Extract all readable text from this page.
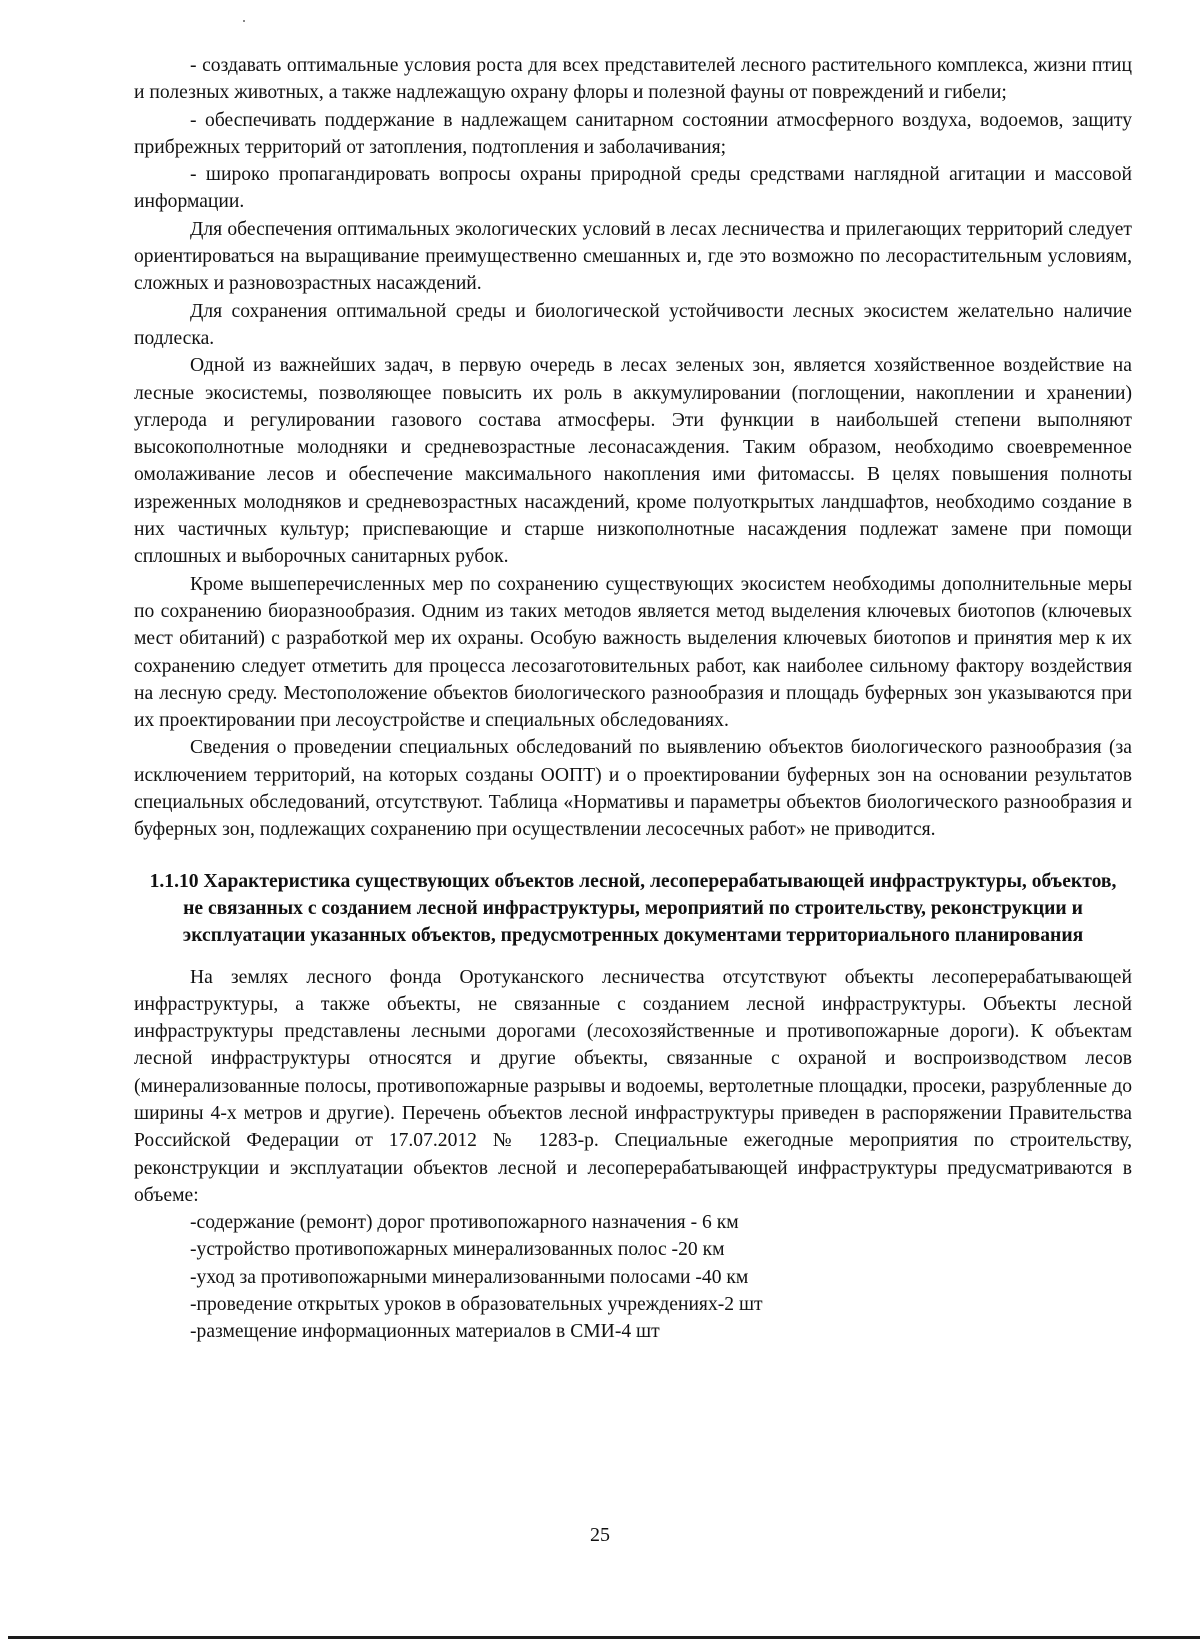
- создавать оптимальные условия роста для всех представителей лесного растительного комплекса, жизни птиц и полезных животных, а также надлежащую охрану флоры и полезной фауны от повреждений и гибели;

- обеспечивать поддержание в надлежащем санитарном состоянии атмосферного воздуха, водоемов, защиту прибрежных территорий от затопления, подтопления и заболачивания;

- широко пропагандировать вопросы охраны природной среды средствами наглядной агитации и массовой информации.

Для обеспечения оптимальных экологических условий в лесах лесничества и прилегающих территорий следует ориентироваться на выращивание преимущественно смешанных и, где это возможно по лесорастительным условиям, сложных и разновозрастных насаждений.

Для сохранения оптимальной среды и биологической устойчивости лесных экосистем желательно наличие подлеска.

Одной из важнейших задач, в первую очередь в лесах зеленых зон, является хозяйственное воздействие на лесные экосистемы, позволяющее повысить их роль в аккумулировании (поглощении, накоплении и хранении) углерода и регулировании газового состава атмосферы. Эти функции в наибольшей степени выполняют высокополнотные молодняки и средневозрастные лесонасаждения. Таким образом, необходимо своевременное омолаживание лесов и обеспечение максимального накопления ими фитомассы. В целях повышения полноты изреженных молодняков и средневозрастных насаждений, кроме полуоткрытых ландшафтов, необходимо создание в них частичных культур; приспевающие и старше низкополнотные насаждения подлежат замене при помощи сплошных и выборочных санитарных рубок.

Кроме вышеперечисленных мер по сохранению существующих экосистем необходимы дополнительные меры по сохранению биоразнообразия. Одним из таких методов является метод выделения ключевых биотопов (ключевых мест обитаний) с разработкой мер их охраны. Особую важность выделения ключевых биотопов и принятия мер к их сохранению следует отметить для процесса лесозаготовительных работ, как наиболее сильному фактору воздействия на лесную среду. Местоположение объектов биологического разнообразия и площадь буферных зон указываются при их проектировании при лесоустройстве и специальных обследованиях.

Сведения о проведении специальных обследований по выявлению объектов биологического разнообразия (за исключением территорий, на которых созданы ООПТ) и о проектировании буферных зон на основании результатов специальных обследований, отсутствуют. Таблица «Нормативы и параметры объектов биологического разнообразия и буферных зон, подлежащих сохранению при осуществлении лесосечных работ» не приводится.

1.1.10 Характеристика существующих объектов лесной, лесоперерабатывающей инфраструктуры, объектов, не связанных с созданием лесной инфраструктуры, мероприятий по строительству, реконструкции и эксплуатации указанных объектов, предусмотренных документами территориального планирования

На землях лесного фонда Оротуканского лесничества отсутствуют объекты лесоперерабатывающей инфраструктуры, а также объекты, не связанные с созданием лесной инфраструктуры. Объекты лесной инфраструктуры представлены лесными дорогами (лесохозяйственные и противопожарные дороги). К объектам лесной инфраструктуры относятся и другие объекты, связанные с охраной и воспроизводством лесов (минерализованные полосы, противопожарные разрывы и водоемы, вертолетные площадки, просеки, разрубленные до ширины 4-х метров и другие). Перечень объектов лесной инфраструктуры приведен в распоряжении Правительства Российской Федерации от 17.07.2012 № 1283-р. Специальные ежегодные мероприятия по строительству, реконструкции и эксплуатации объектов лесной и лесоперерабатывающей инфраструктуры предусматриваются в объеме:

-содержание (ремонт) дорог противопожарного назначения - 6 км

-устройство противопожарных минерализованных полос -20 км

-уход за противопожарными минерализованными полосами -40 км

-проведение открытых уроков в образовательных учреждениях-2 шт

-размещение информационных материалов в СМИ-4 шт

25
